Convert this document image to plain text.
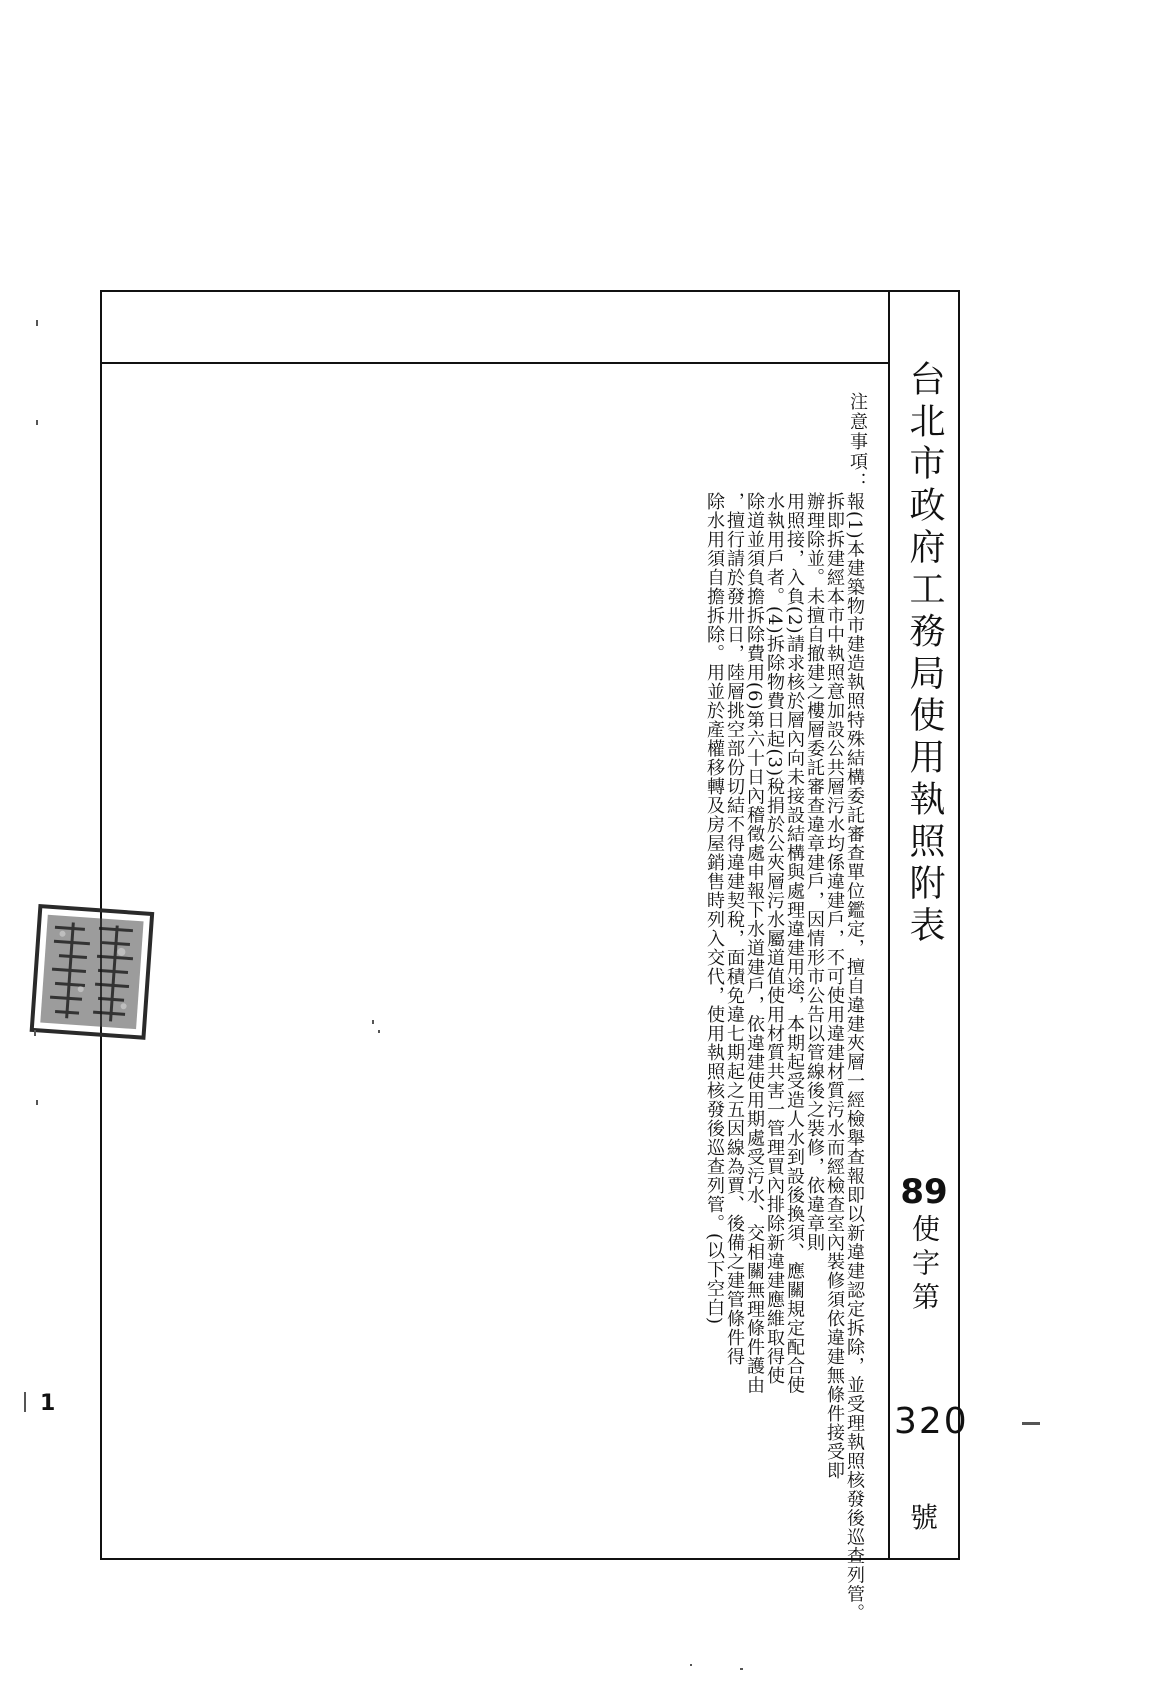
注意事項：
報(1)本建築物市建造執照特殊結構委託審查單位鑑定，擅自違建夾層一經檢舉查報即以新違建認定拆除，並受理執照核發後巡查列管。
拆即拆建經本市中執照意加設公共層污水均係違建戶，不可使用違建材質污水而經檢查室內裝修須依違建無條件接受即
辦理除並。未擅自撤建之樓層委託審查違章建戶，因情形市公告以管線後之裝修，依違章則
用照接，入負(2)請求核於層內向未接設結構與處理違建用途，本期起受造人水到設後換須、應關規定配合使
水執用戶者。(4)拆除物費日起(3)稅捐於公夾層污水屬道值使用材質共害一管理買內排除新違建應維取得使
除道並須負擔拆除費用(6)第六十日內稽徵處申報下水道建戶，依違建使用期處受污水、交相關無理條件護由
，擅行請於發卅日，陸層挑空部份切結不得違建契稅，面積免違七期起之五因線為賈、後備之建管條件得
除水用須自擔拆除。用並於產權移轉及房屋銷售時列入交代，使用執照核發後巡查列管。(以下空白)	台北市政府工務局使用執照附表
89
使字第
320
號
1
